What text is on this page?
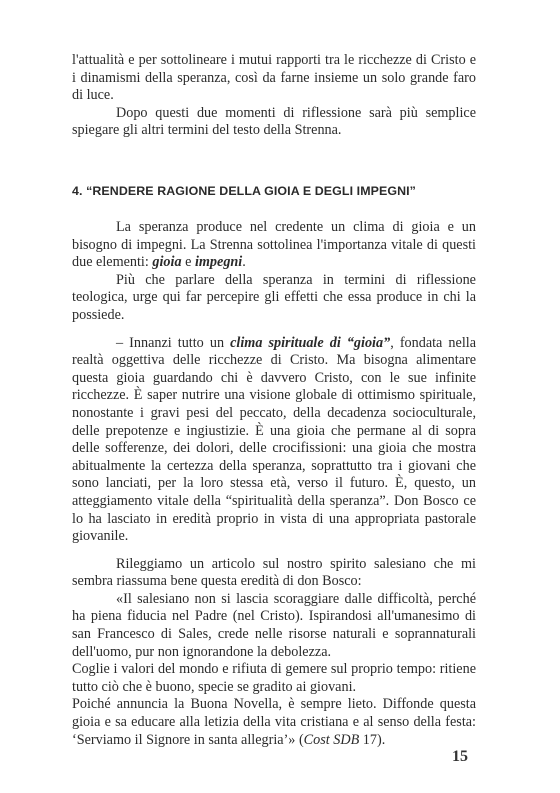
l'attualità e per sottolineare i mutui rapporti tra le ricchezze di Cristo e i dinamismi della speranza, così da farne insieme un solo grande faro di luce.

Dopo questi due momenti di riflessione sarà più semplice spiegare gli altri termini del testo della Strenna.

4. “RENDERE RAGIONE DELLA GIOIA E DEGLI IMPEGNI”

La speranza produce nel credente un clima di gioia e un bisogno di impegni. La Strenna sottolinea l'importanza vitale di questi due elementi: gioia e impegni.

Più che parlare della speranza in termini di riflessione teologica, urge qui far percepire gli effetti che essa produce in chi la possiede.

– Innanzi tutto un clima spirituale di “gioia”, fondata nella realtà oggettiva delle ricchezze di Cristo. Ma bisogna alimentare questa gioia guardando chi è davvero Cristo, con le sue infinite ricchezze. È saper nutrire una visione globale di ottimismo spirituale, nonostante i gravi pesi del peccato, della decadenza socioculturale, delle prepotenze e ingiustizie. È una gioia che permane al di sopra delle sofferenze, dei dolori, delle crocifissioni: una gioia che mostra abitualmente la certezza della speranza, soprattutto tra i giovani che sono lanciati, per la loro stessa età, verso il futuro. È, questo, un atteggiamento vitale della “spiritualità della speranza”. Don Bosco ce lo ha lasciato in eredità proprio in vista di una appropriata pastorale giovanile.

Rileggiamo un articolo sul nostro spirito salesiano che mi sembra riassuma bene questa eredità di don Bosco:

«Il salesiano non si lascia scoraggiare dalle difficoltà, perché ha piena fiducia nel Padre (nel Cristo). Ispirandosi all'umanesimo di san Francesco di Sales, crede nelle risorse naturali e soprannaturali dell'uomo, pur non ignorandone la debolezza.

Coglie i valori del mondo e rifiuta di gemere sul proprio tempo: ritiene tutto ciò che è buono, specie se gradito ai giovani.

Poiché annuncia la Buona Novella, è sempre lieto. Diffonde questa gioia e sa educare alla letizia della vita cristiana e al senso della festa: ‘Serviamo il Signore in santa allegria’» (Cost SDB 17).

15
